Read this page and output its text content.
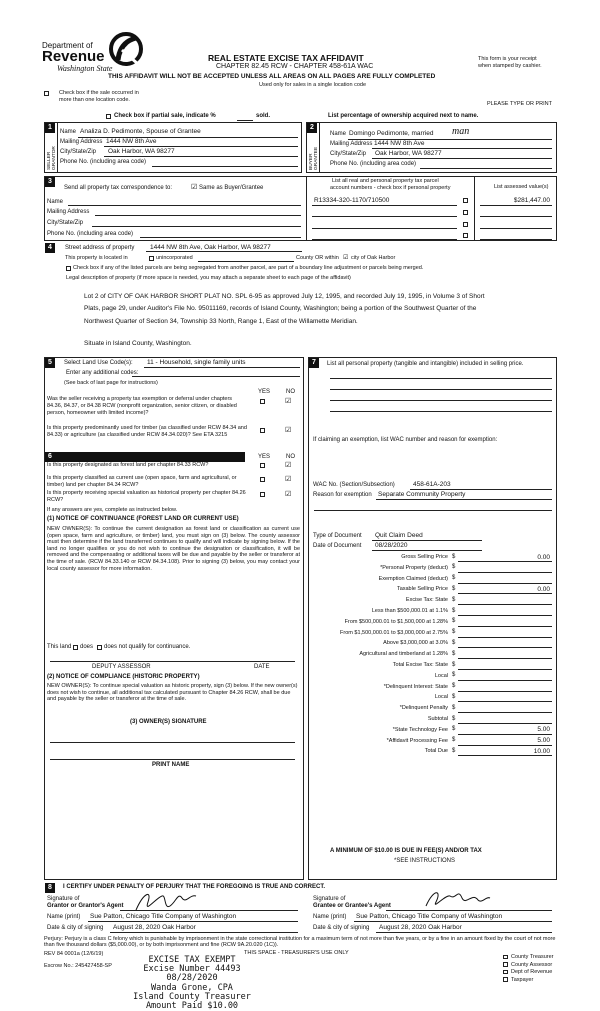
Department of
Revenue
Washington State
REAL ESTATE EXCISE TAX AFFIDAVIT
CHAPTER 82.45 RCW - CHAPTER 458-61A WAC
THIS AFFIDAVIT WILL NOT BE ACCEPTED UNLESS ALL AREAS ON ALL PAGES ARE FULLY COMPLETED
Used only for sales in a single location code
This form is your receipt
when stamped by cashier.
Check box if the sale occurred in
more than one location code.
PLEASE TYPE OR PRINT
Check box if partial sale, indicate %	sold.	List percentage of ownership acquired next to name.
1
SELLER GRANTOR
Name Analiza D. Pedimonte, Spouse of Grantee
Mailing Address 1444 NW 8th Ave
City/State/Zip Oak Harbor, WA 98277
Phone No. (including area code)
2
BUYER GRANTEE
Name Domingo Pedimonte, married man
Mailing Address 1444 NW 8th Ave
City/State/Zip Oak Harbor, WA 98277
Phone No. (including area code)
3
Send all property tax correspondence to:	☑ Same as Buyer/Grantee
Name
Mailing Address
City/State/Zip
Phone No. (including area code)
List all real and personal property tax parcel
account numbers - check box if personal property	List assessed value(s)
R13334-320-1170/710500	$281,447.00
4	Street address of property 1444 NW 8th Ave, Oak Harbor, WA 98277
This property is located in	unincorporated	County OR within ☑ city of Oak Harbor
Check box if any of the listed parcels are being segregated from another parcel, are part of a boundary line adjustment or parcels being merged.
Legal description of property (if more space is needed, you may attach a separate sheet to each page of the affidavit)
Lot 2 of CITY OF OAK HARBOR SHORT PLAT NO. SPL 6-95 as approved July 12, 1995, and recorded July 19, 1995, in Volume 3 of Short
Plats, page 29, under Auditor's File No. 95011169, records of Island County, Washington; being a portion of the Southwest Quarter of the
Northwest Quarter of Section 34, Township 33 North, Range 1, East of the Willamette Meridian.
Situate in Island County, Washington.
5	Select Land Use Code(s): 11 - Household, single family units
Enter any additional codes:
(See back of last page for instructions)
YES	NO
Was the seller receiving a property tax exemption or deferral under chapters 84.36, 84.37, or 84.38 RCW (nonprofit organization, senior citizen, or disabled person, homeowner with limited income)?
☑
Is this property predominantly used for timber (as classified under RCW 84.34 and 84.33) or agriculture (as classified under RCW 84.34.020)? See ETA 3215
☑
6	YES	NO
Is this property designated as forest land per chapter 84.33 RCW?	☑
Is this property classified as current use (open space, farm and agricultural, or timber) land per chapter 84.34 RCW?
☑
Is this property receiving special valuation as historical property per chapter 84.26 RCW?
☑
If any answers are yes, complete as instructed below.
(1) NOTICE OF CONTINUANCE (FOREST LAND OR CURRENT USE)
NEW OWNER(S): To continue the current designation as forest land or classification as current use (open space, farm and agriculture, or timber) land, you must sign on (3) below. The county assessor must then determine if the land transferred continues to qualify and will indicate by signing below. If the land no longer qualifies or you do not wish to continue the designation or classification, it will be removed and the compensating or additional taxes will be due and payable by the seller or transferor at the time of sale. (RCW 84.33.140 or RCW 84.34.108). Prior to signing (3) below, you may contact your local county assessor for more information.
This land does does not qualify for continuance.
DEPUTY ASSESSOR	DATE
(2) NOTICE OF COMPLIANCE (HISTORIC PROPERTY)
NEW OWNER(S): To continue special valuation as historic property, sign (3) below. If the new owner(s) does not wish to continue, all additional tax calculated pursuant to Chapter 84.26 RCW, shall be due and payable by the seller or transferor at the time of sale.
(3) OWNER(S) SIGNATURE
PRINT NAME
7	List all personal property (tangible and intangible) included in selling price.
If claiming an exemption, list WAC number and reason for exemption:
WAC No. (Section/Subsection)	458-61A-203
Reason for exemption Separate Community Property
Type of Document Quit Claim Deed
Date of Document 08/28/2020
Gross Selling Price $	0.00
*Personal Property (deduct) $
Exemption Claimed (deduct) $
Taxable Selling Price $	0.00
Excise Tax: State $
Less than $500,000.01 at 1.1% $
From $500,000.01 to $1,500,000 at 1.28% $
From $1,500,000.01 to $3,000,000 at 2.75% $
Above $3,000,000 at 3.0% $
Agricultural and timberland at 1.28% $
Total Excise Tax: State $
Local $
*Delinquent Interest: State $
Local $
*Delinquent Penalty $
Subtotal $
*State Technology Fee $	5.00
*Affidavit Processing Fee $	5.00
Total Due $	10.00
A MINIMUM OF $10.00 IS DUE IN FEE(S) AND/OR TAX
*SEE INSTRUCTIONS
8	I CERTIFY UNDER PENALTY OF PERJURY THAT THE FOREGOING IS TRUE AND CORRECT.
Signature of
Grantor or Grantor's Agent
Signature of
Grantee or Grantee's Agent
Name (print) Sue Patton, Chicago Title Company of Washington	Name (print) Sue Patton, Chicago Title Company of Washington
Date & city of signing August 28, 2020 Oak Harbor	Date & city of signing August 28, 2020 Oak Harbor
Perjury: Perjury is a class C felony which is punishable by imprisonment in the state correctional institution for a maximum term of not more than five years, or by a fine in an amount fixed by the court of not more than five thousand dollars ($5,000.00), or by both imprisonment and fine (RCW 9A.20.020 (1C)).
REV 84 0001a (12/6/19)	THIS SPACE - TREASURER'S USE ONLY
Escrow No.: 245427458-SP
EXCISE TAX EXEMPT
Excise Number 44493
08/28/2020
Wanda Grone, CPA
Island County Treasurer
Amount Paid $10.00
County Treasurer
County Assessor
Dept of Revenue
Taxpayer
